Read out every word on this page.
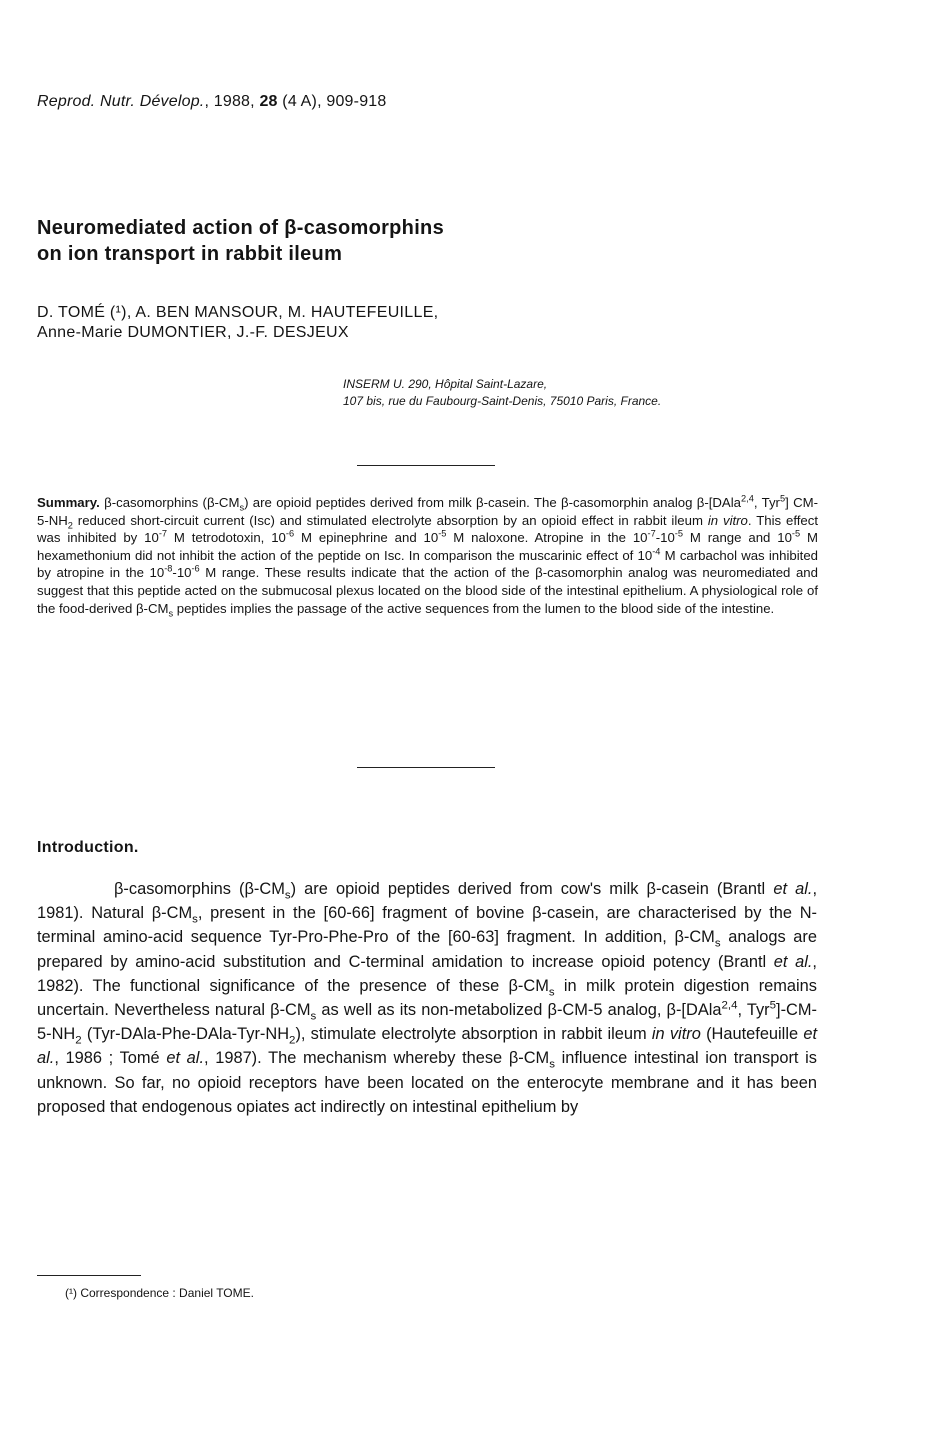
Reprod. Nutr. Dévelop., 1988, 28 (4 A), 909-918
Neuromediated action of β-casomorphins
on ion transport in rabbit ileum
D. TOMÉ (¹), A. BEN MANSOUR, M. HAUTEFEUILLE,
Anne-Marie DUMONTIER, J.-F. DESJEUX
INSERM U. 290, Hôpital Saint-Lazare,
107 bis, rue du Faubourg-Saint-Denis, 75010 Paris, France.
Summary. β-casomorphins $(\beta-CM_s)$ are opioid peptides derived from milk β-casein. The β-casomorphin analog β-[DAla$^{2,4}$, Tyr$^5$] $CM-5-NH_2$ reduced short-circuit current (Isc) and stimulated electrolyte absorption by an opioid effect in rabbit ileum in vitro. This effect was inhibited by $10^{-7}$ M tetrodotoxin, $10^{-6}$ M epinephrine and $10^{-5}$ M naloxone. Atropine in the $10^{-7}-10^{-5}$ M range and $10^{-5}$ M hexamethonium did not inhibit the action of the peptide on Isc. In comparison the muscarinic effect of $10^{-4}$ M carbachol was inhibited by atropine in the $10^{-8}-10^{-6}$ M range. These results indicate that the action of the β-casomorphin analog was neuromediated and suggest that this peptide acted on the submucosal plexus located on the blood side of the intestinal epithelium. A physiological role of the food-derived $\beta-CM_s$ peptides implies the passage of the active sequences from the lumen to the blood side of the intestine.
Introduction.
β-casomorphins $(\beta-CM_s)$ are opioid peptides derived from cow's milk β-casein (Brantl et al., 1981). Natural $\beta-CM_s$, present in the [60-66] fragment of bovine β-casein, are characterised by the N-terminal amino-acid sequence Tyr-Pro-Phe-Pro of the [60-63] fragment. In addition, $\beta-CM_s$ analogs are prepared by amino-acid substitution and C-terminal amidation to increase opioid potency (Brantl et al., 1982). The functional significance of the presence of these $\beta-CM_s$ in milk protein digestion remains uncertain. Nevertheless natural $\beta-CM_s$ as well as its non-metabolized β-CM-5 analog, β-[DAla$^{2,4}$, $Tyr^5]-CM-5-NH_2$ $(Tyr-DAla-Phe-DAla-Tyr-NH_2)$, stimulate electrolyte absorption in rabbit ileum in vitro (Hautefeuille et al., 1986 ; Tomé et al., 1987). The mechanism whereby these $\beta-CM_s$ influence intestinal ion transport is unknown. So far, no opioid receptors have been located on the enterocyte membrane and it has been proposed that endogenous opiates act indirectly on intestinal epithelium by
(¹) Correspondence : Daniel TOME.
